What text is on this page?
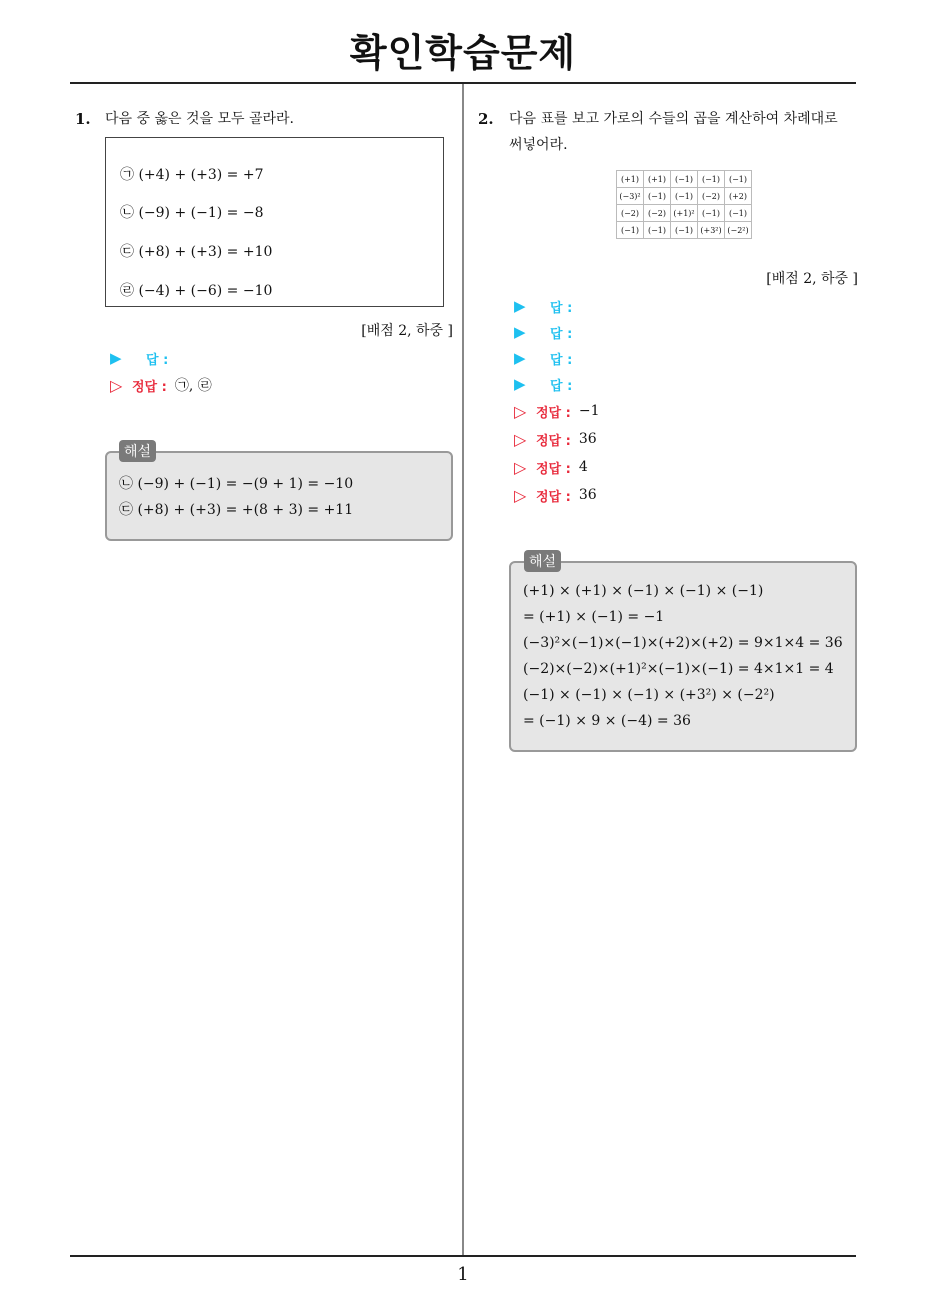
확인학습문제
1. 다음 중 옳은 것을 모두 골라라.
㉠ (+4) + (+3) = +7
㉡ (−9) + (−1) = −8
㉢ (+8) + (+3) = +10
㉣ (−4) + (−6) = −10
[배점 2, 하중 ]
▶	답 :
▷ 정답 : ㉠, ㉣
㉡ (−9) + (−1) = −(9 + 1) = −10
㉢ (+8) + (+3) = +(8 + 3) = +11
해설
2. 다음 표를 보고 가로의 수들의 곱을 계산하여 차례대로
써넣어라.
(+1)	(+1)	(−1)	(−1)	(−1)
(−3)²	(−1)	(−1)	(−2)	(+2)
(−2)	(−2)	(+1)²	(−1)	(−1)
(−1)	(−1)	(−1)	(+3²)	(−2²)
[배점 2, 하중 ]
▶	답 :
▶	답 :
▶	답 :
▶	답 :
▷ 정답 : −1
▷ 정답 : 36
▷ 정답 : 4
▷ 정답 : 36
(+1) × (+1) × (−1) × (−1) × (−1)
= (+1) × (−1) = −1
(−3)²×(−1)×(−1)×(+2)×(+2) = 9×1×4 = 36
(−2)×(−2)×(+1)²×(−1)×(−1) = 4×1×1 = 4
(−1) × (−1) × (−1) × (+3²) × (−2²)
= (−1) × 9 × (−4) = 36
해설
1
